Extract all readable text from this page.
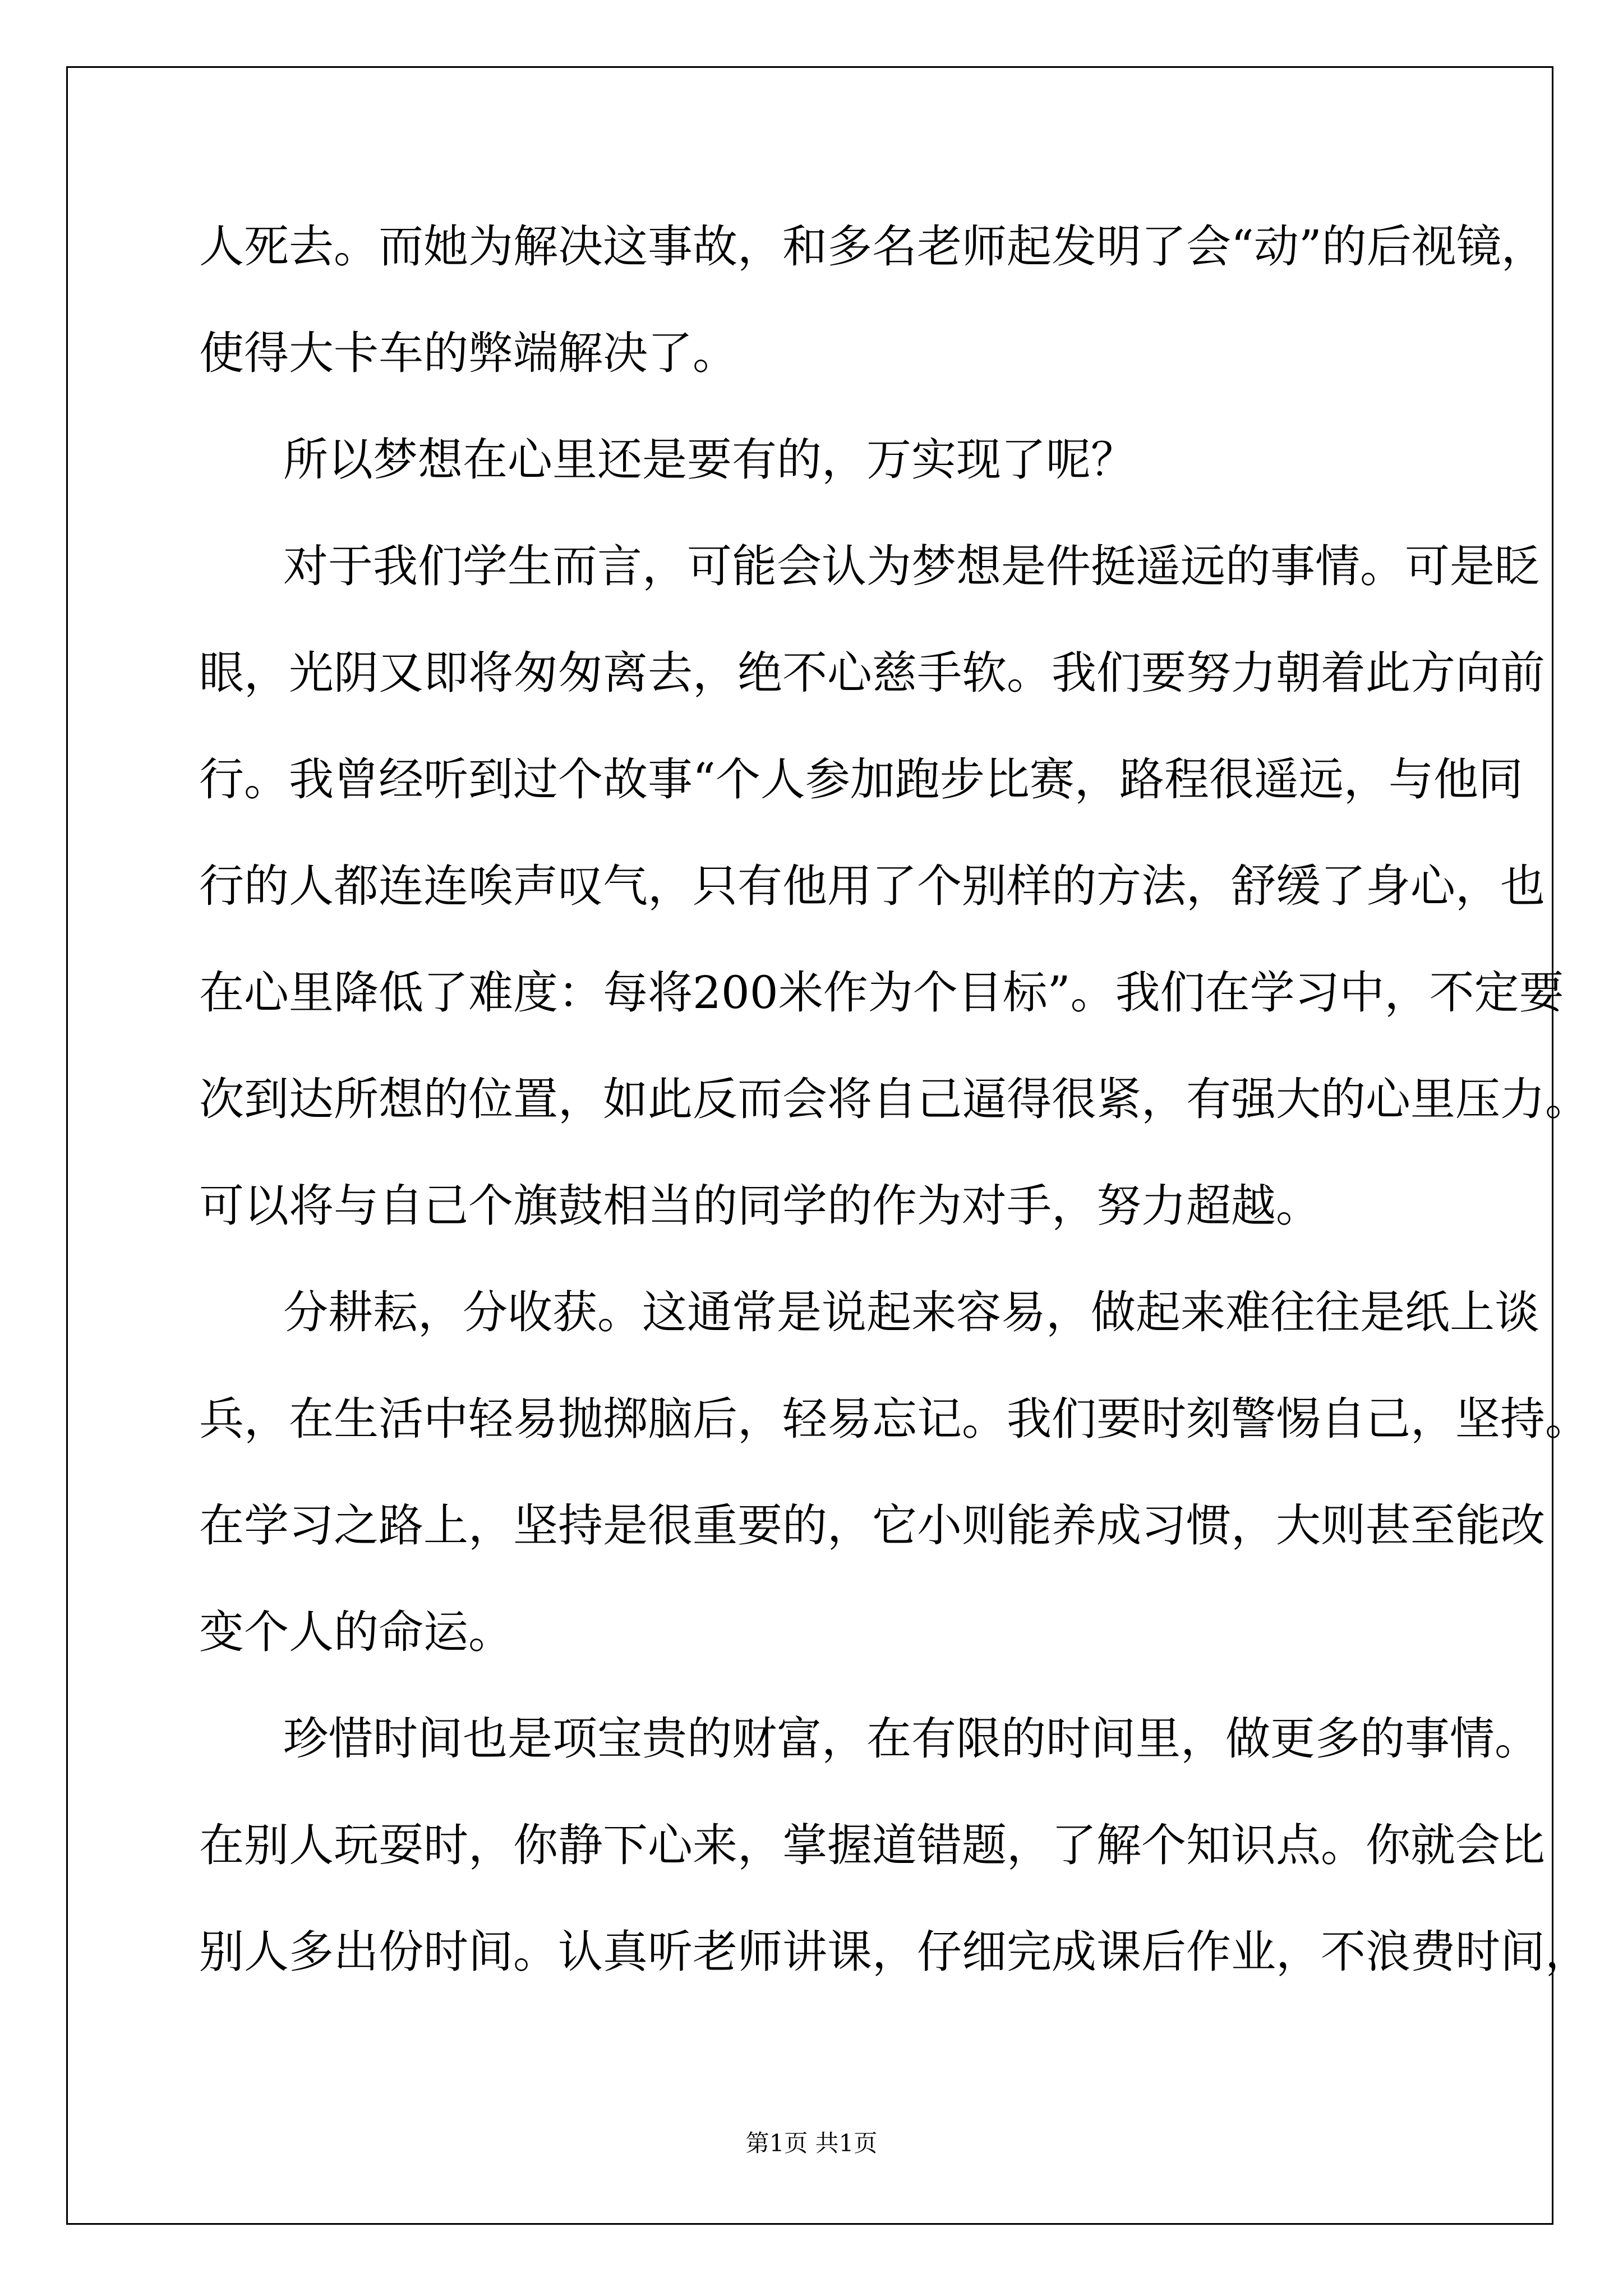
人死去。而她为解决这事故，和多名老师起发明了会“动”的后视镜，
使得大卡车的弊端解决了。
所以梦想在心里还是要有的，万实现了呢？
对于我们学生而言，可能会认为梦想是件挺遥远的事情。可是眨
眼，光阴又即将匆匆离去，绝不心慈手软。我们要努力朝着此方向前
行。我曾经听到过个故事“个人参加跑步比赛，路程很遥远，与他同
行的人都连连唉声叹气，只有他用了个别样的方法，舒缓了身心，也
在心里降低了难度：每将200米作为个目标”。我们在学习中，不定要
次到达所想的位置，如此反而会将自己逼得很紧，有强大的心里压力。
可以将与自己个旗鼓相当的同学的作为对手，努力超越。
分耕耘，分收获。这通常是说起来容易，做起来难往往是纸上谈
兵，在生活中轻易抛掷脑后，轻易忘记。我们要时刻警惕自己，坚持。
在学习之路上，坚持是很重要的，它小则能养成习惯，大则甚至能改
变个人的命运。
珍惜时间也是项宝贵的财富，在有限的时间里，做更多的事情。
在别人玩耍时，你静下心来，掌握道错题，了解个知识点。你就会比
别人多出份时间。认真听老师讲课，仔细完成课后作业，不浪费时间，
第1页 共1页
